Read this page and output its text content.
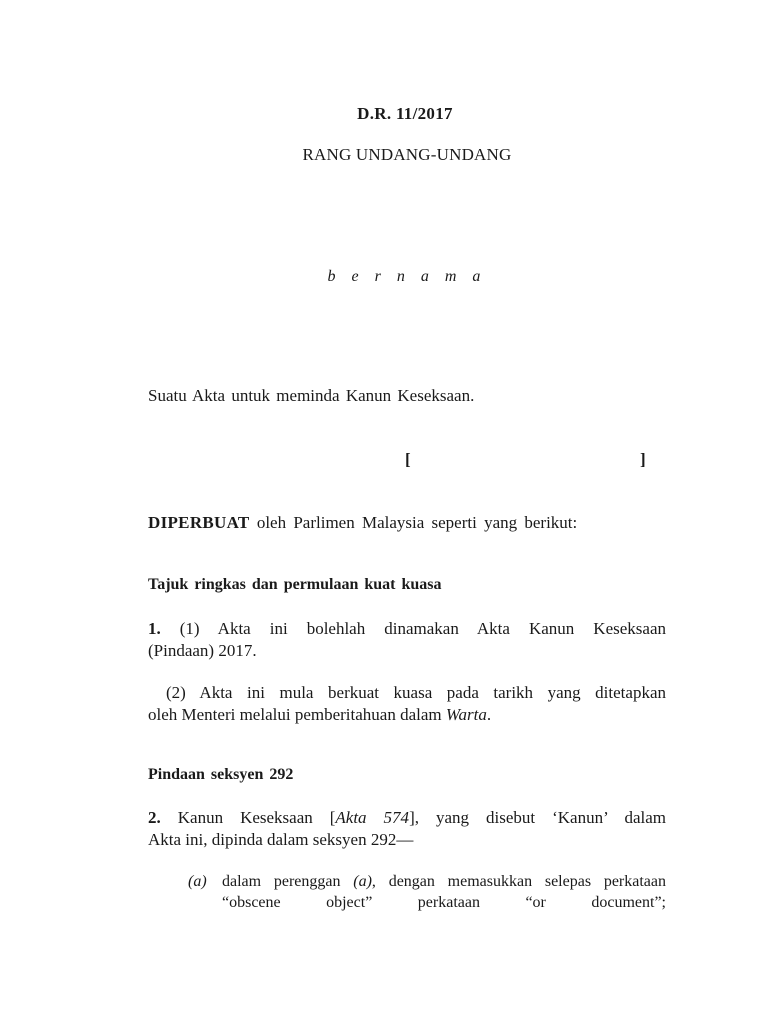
D.R. 11/2017

RANG UNDANG-UNDANG

b e r n a m a

Suatu Akta untuk meminda Kanun Keseksaan.

[	]

DIPERBUAT oleh Parlimen Malaysia seperti yang berikut:

Tajuk ringkas dan permulaan kuat kuasa

1. (1) Akta ini bolehlah dinamakan Akta Kanun Keseksaan
(Pindaan) 2017.
(2) Akta ini mula berkuat kuasa pada tarikh yang ditetapkan
oleh Menteri melalui pemberitahuan dalam Warta.

Pindaan seksyen 292

2. Kanun Keseksaan [Akta 574], yang disebut ‘Kanun’ dalam
Akta ini, dipinda dalam seksyen 292—
(a) dalam perenggan (a), dengan memasukkan selepas perkataan
“obscene object” perkataan “or document”;
